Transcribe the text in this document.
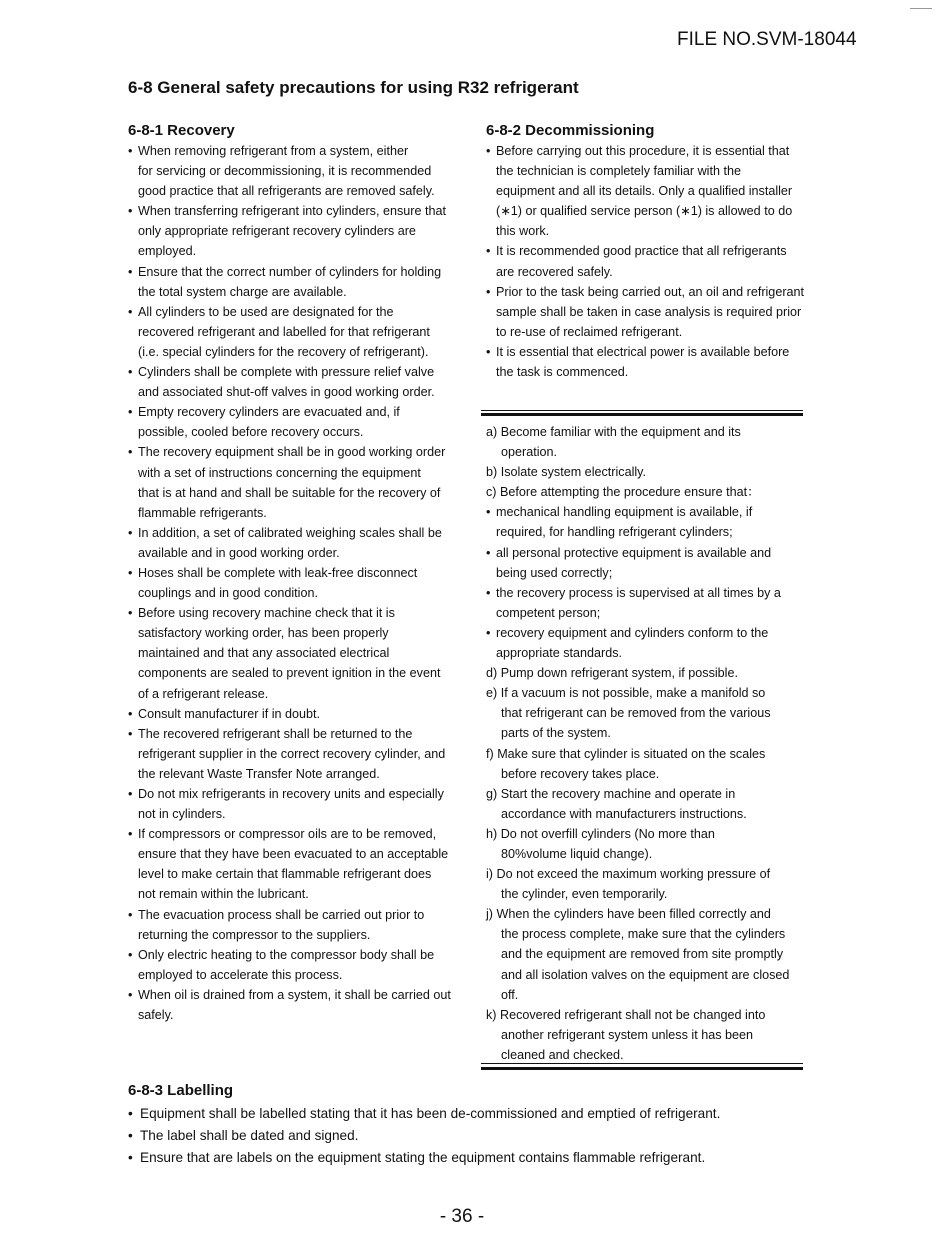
FILE NO.SVM-18044
6-8 General safety precautions for using R32 refrigerant
6-8-1 Recovery
• When removing refrigerant from a system, either
for servicing or decommissioning, it is recommended
good practice that all refrigerants are removed safely.
• When transferring refrigerant into cylinders, ensure that
only appropriate refrigerant recovery cylinders are
employed.
• Ensure that the correct number of cylinders for holding
the total system charge are available.
• All cylinders to be used are designated for the
recovered refrigerant and labelled for that refrigerant
(i.e. special cylinders for the recovery of refrigerant).
• Cylinders shall be complete with pressure relief valve
and associated shut-off valves in good working order.
• Empty recovery cylinders are evacuated and, if
possible, cooled before recovery occurs.
• The recovery equipment shall be in good working order
with a set of instructions concerning the equipment
that is at hand and shall be suitable for the recovery of
flammable refrigerants.
• In addition, a set of calibrated weighing scales shall be
available and in good working order.
• Hoses shall be complete with leak-free disconnect
couplings and in good condition.
• Before using recovery machine check that it is
satisfactory working order, has been properly
maintained and that any associated electrical
components are sealed to prevent ignition in the event
of a refrigerant release.
• Consult manufacturer if in doubt.
• The recovered refrigerant shall be returned to the
refrigerant supplier in the correct recovery cylinder, and
the relevant Waste Transfer Note arranged.
• Do not mix refrigerants in recovery units and especially
not in cylinders.
• If compressors or compressor oils are to be removed,
ensure that they have been evacuated to an acceptable
level to make certain that flammable refrigerant does
not remain within the lubricant.
• The evacuation process shall be carried out prior to
returning the compressor to the suppliers.
• Only electric heating to the compressor body shall be
employed to accelerate this process.
• When oil is drained from a system, it shall be carried out
safely.
6-8-2 Decommissioning
• Before carrying out this procedure, it is essential that
the technician is completely familiar with the
equipment and all its details. Only a qualified installer
(∗1) or qualified service person (∗1) is allowed to do
this work.
• It is recommended good practice that all refrigerants
are recovered safely.
• Prior to the task being carried out, an oil and refrigerant
sample shall be taken in case analysis is required prior
to re-use of reclaimed refrigerant.
• It is essential that electrical power is available before
the task is commenced.
a) Become familiar with the equipment and its
operation.
b) Isolate system electrically.
c) Before attempting the procedure ensure that：
• mechanical handling equipment is available, if
required, for handling refrigerant cylinders;
• all personal protective equipment is available and
being used correctly;
• the recovery process is supervised at all times by a
competent person;
• recovery equipment and cylinders conform to the
appropriate standards.
d) Pump down refrigerant system, if possible.
e) If a vacuum is not possible, make a manifold so
that refrigerant can be removed from the various
parts of the system.
f) Make sure that cylinder is situated on the scales
before recovery takes place.
g) Start the recovery machine and operate in
accordance with manufacturers instructions.
h) Do not overfill cylinders (No more than
80%volume liquid change).
i) Do not exceed the maximum working pressure of
the cylinder, even temporarily.
j) When the cylinders have been filled correctly and
the process complete, make sure that the cylinders
and the equipment are removed from site promptly
and all isolation valves on the equipment are closed
off.
k) Recovered refrigerant shall not be changed into
another refrigerant system unless it has been
cleaned and checked.
6-8-3 Labelling
• Equipment shall be labelled stating that it has been de-commissioned and emptied of refrigerant.
• The label shall be dated and signed.
• Ensure that are labels on the equipment stating the equipment contains flammable refrigerant.
- 36 -
